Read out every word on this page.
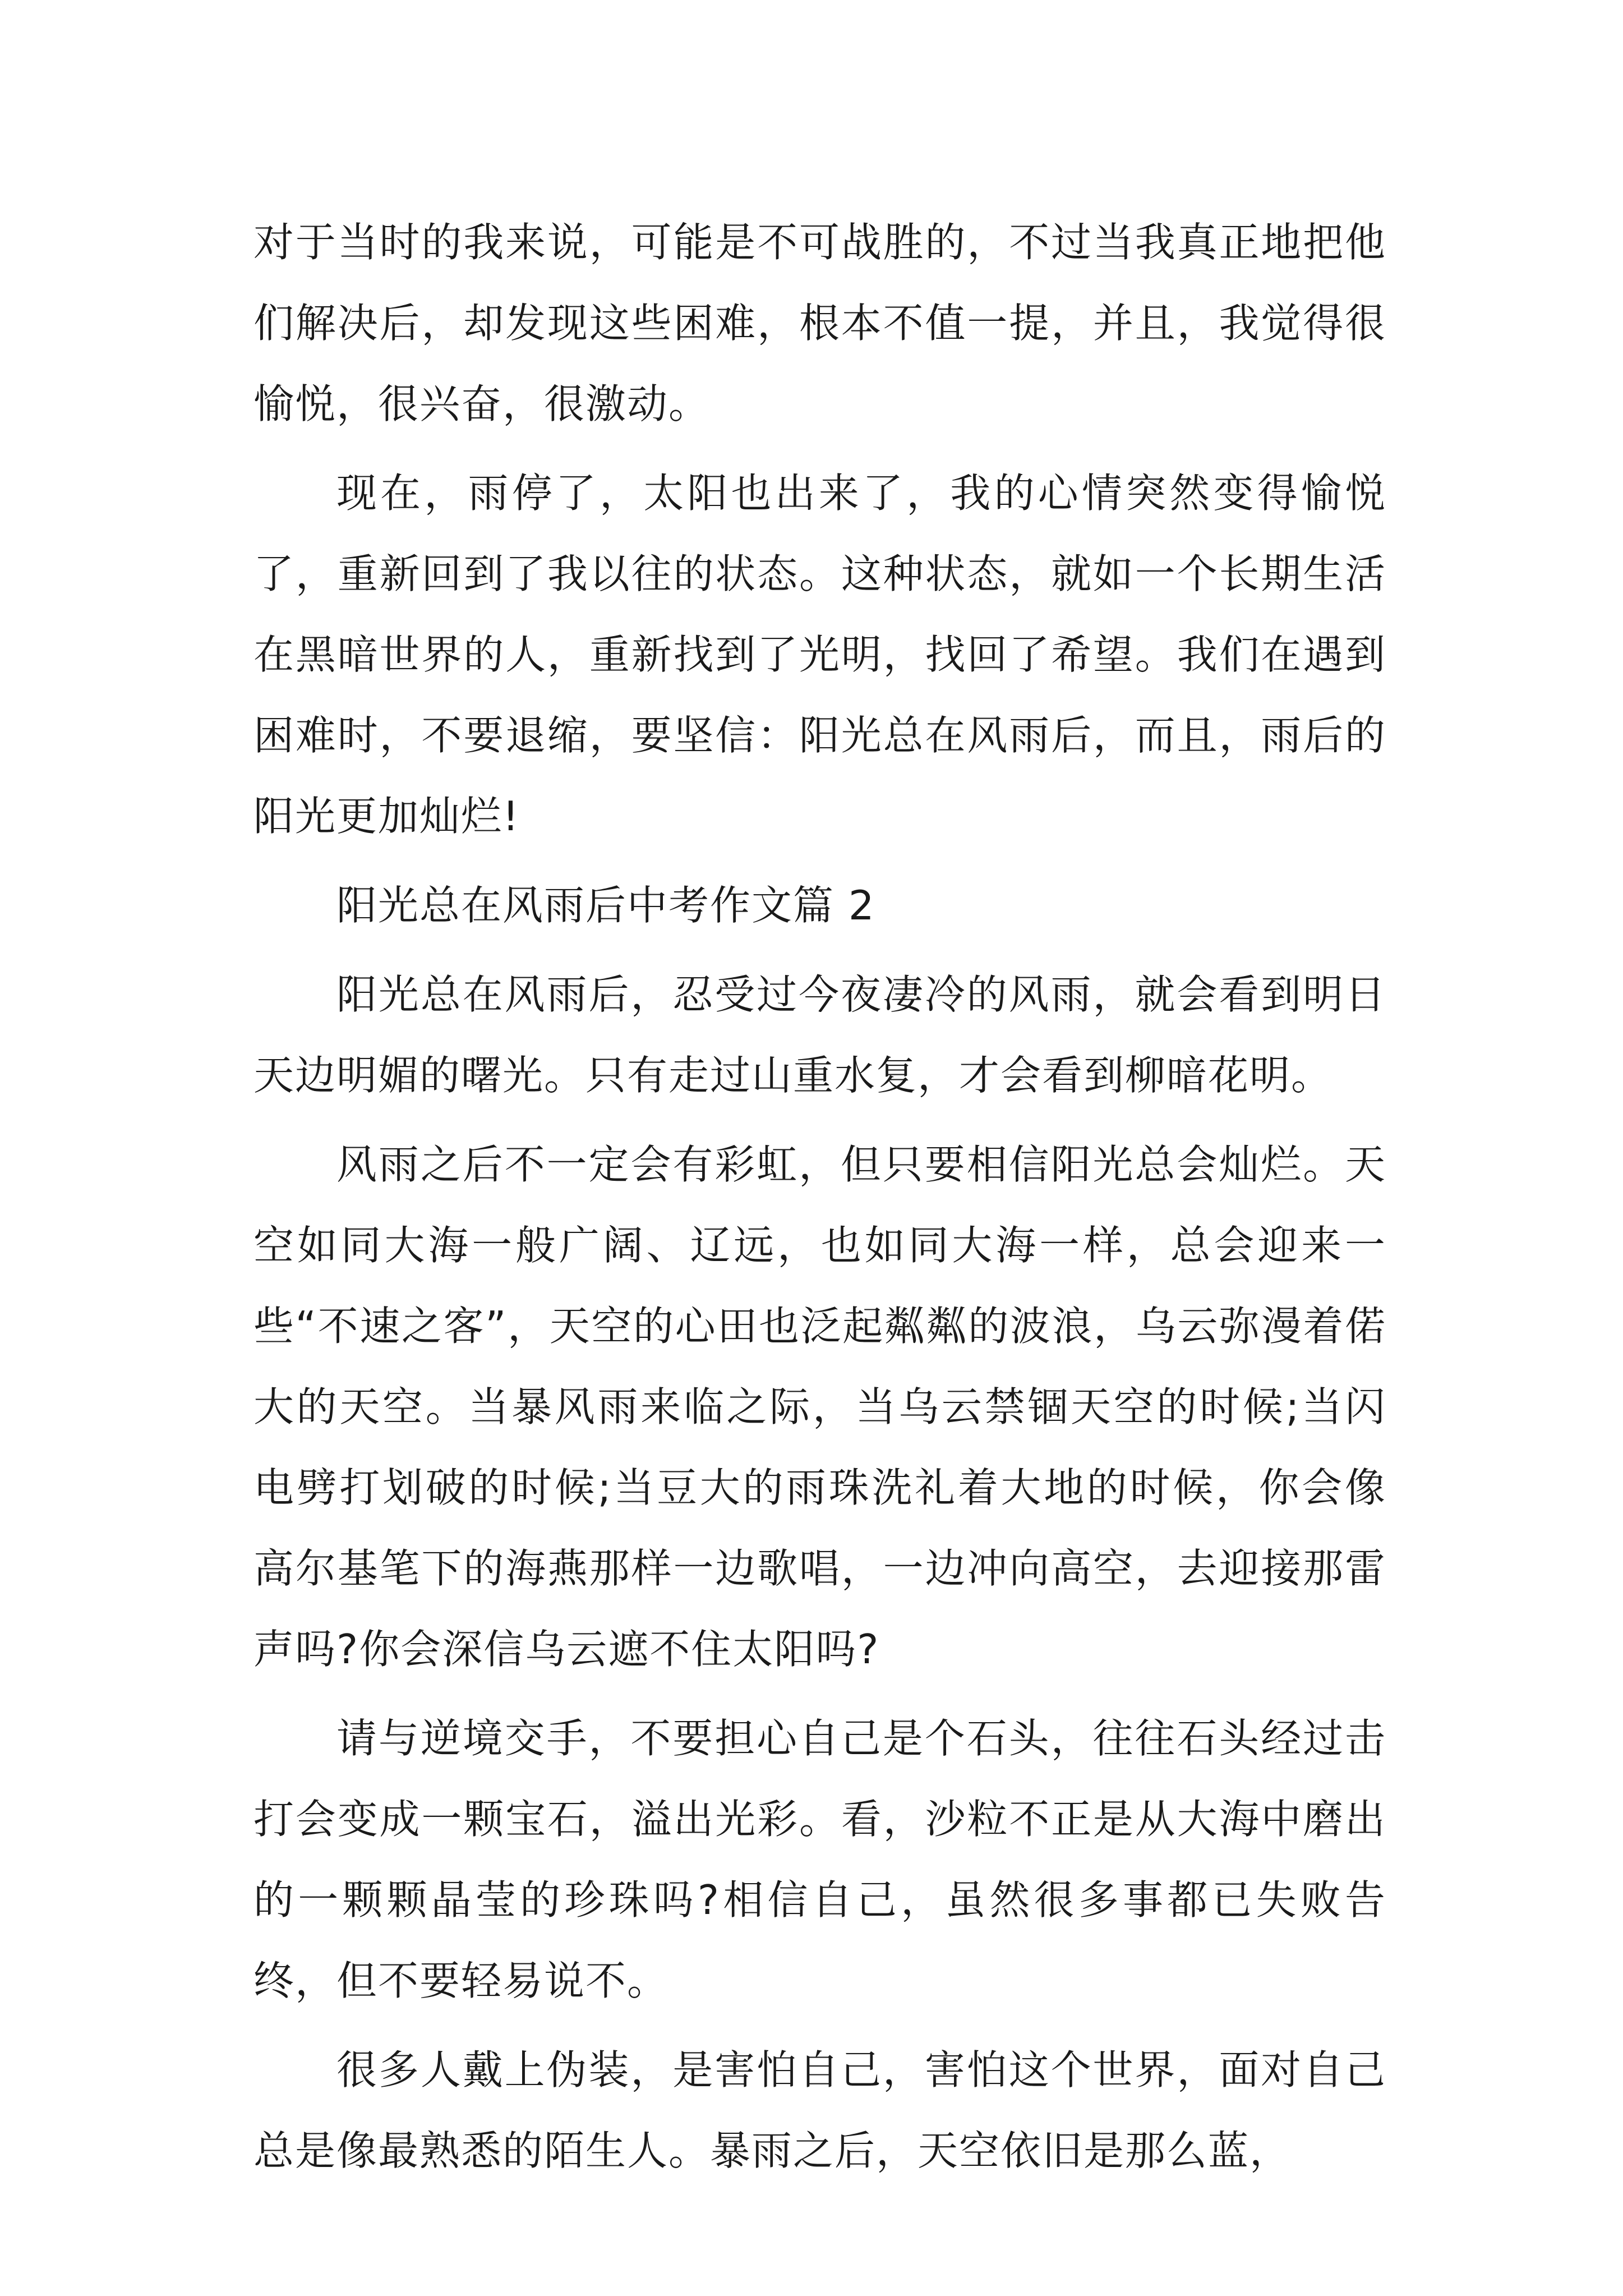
对于当时的我来说，可能是不可战胜的，不过当我真正地把他们解决后，却发现这些困难，根本不值一提，并且，我觉得很愉悦，很兴奋，很激动。

现在，雨停了，太阳也出来了，我的心情突然变得愉悦了，重新回到了我以往的状态。这种状态，就如一个长期生活在黑暗世界的人，重新找到了光明，找回了希望。我们在遇到困难时，不要退缩，要坚信：阳光总在风雨后，而且，雨后的阳光更加灿烂!

阳光总在风雨后中考作文篇 2

阳光总在风雨后，忍受过今夜凄冷的风雨，就会看到明日天边明媚的曙光。只有走过山重水复，才会看到柳暗花明。

风雨之后不一定会有彩虹，但只要相信阳光总会灿烂。天空如同大海一般广阔、辽远，也如同大海一样，总会迎来一些“不速之客”，天空的心田也泛起粼粼的波浪，乌云弥漫着偌大的天空。当暴风雨来临之际，当乌云禁锢天空的时候;当闪电劈打划破的时候;当豆大的雨珠洗礼着大地的时候，你会像高尔基笔下的海燕那样一边歌唱，一边冲向高空，去迎接那雷声吗?你会深信乌云遮不住太阳吗?

请与逆境交手，不要担心自己是个石头，往往石头经过击打会变成一颗宝石，溢出光彩。看，沙粒不正是从大海中磨出的一颗颗晶莹的珍珠吗?相信自己，虽然很多事都已失败告终，但不要轻易说不。

很多人戴上伪装，是害怕自己，害怕这个世界，面对自己总是像最熟悉的陌生人。暴雨之后，天空依旧是那么蓝，
